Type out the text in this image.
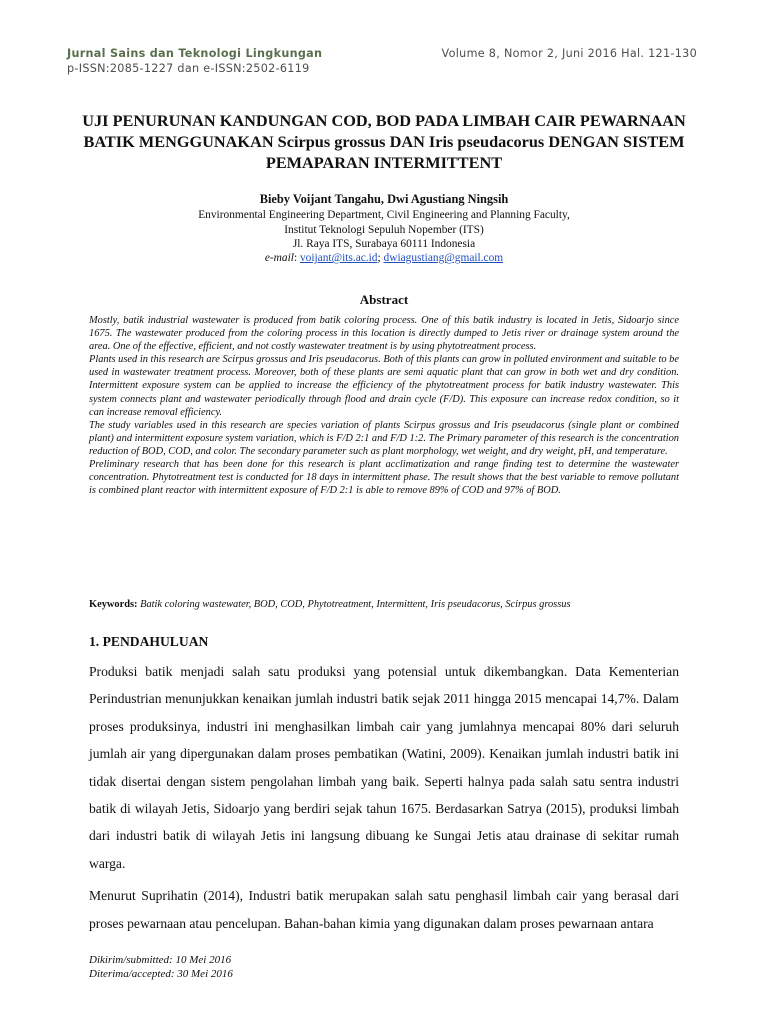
Jurnal Sains dan Teknologi Lingkungan
p-ISSN:2085-1227 dan e-ISSN:2502-6119
Volume 8, Nomor 2, Juni 2016 Hal. 121-130
UJI PENURUNAN KANDUNGAN COD, BOD PADA LIMBAH CAIR PEWARNAAN BATIK MENGGUNAKAN Scirpus grossus DAN Iris pseudacorus DENGAN SISTEM PEMAPARAN INTERMITTENT
Bieby Voijant Tangahu, Dwi Agustiang Ningsih
Environmental Engineering Department, Civil Engineering and Planning Faculty,
Institut Teknologi Sepuluh Nopember (ITS)
Jl. Raya ITS, Surabaya 60111 Indonesia
e-mail: voijant@its.ac.id; dwiagustiang@gmail.com
Abstract

Mostly, batik industrial wastewater is produced from batik coloring process. One of this batik industry is located in Jetis, Sidoarjo since 1675. The wastewater produced from the coloring process in this location is directly dumped to Jetis river or drainage system around the area. One of the effective, efficient, and not costly wastewater treatment is by using phytotreatment process.

Plants used in this research are Scirpus grossus and Iris pseudacorus. Both of this plants can grow in polluted environment and suitable to be used in wastewater treatment process. Moreover, both of these plants are semi aquatic plant that can grow in both wet and dry condition. Intermittent exposure system can be applied to increase the efficiency of the phytotreatment process for batik industry wastewater. This system connects plant and wastewater periodically through flood and drain cycle (F/D). This exposure can increase redox condition, so it can increase removal efficiency.

The study variables used in this research are species variation of plants Scirpus grossus and Iris pseudacorus (single plant or combined plant) and intermittent exposure system variation, which is F/D 2:1 and F/D 1:2. The Primary parameter of this research is the concentration reduction of BOD, COD, and color. The secondary parameter such as plant morphology, wet weight, and dry weight, pH, and temperature.

Preliminary research that has been done for this research is plant acclimatization and range finding test to determine the wastewater concentration. Phytotreatment test is conducted for 18 days in intermittent phase. The result shows that the best variable to remove pollutant is combined plant reactor with intermittent exposure of F/D 2:1 is able to remove 89% of COD and 97% of BOD.

Keywords: Batik coloring wastewater, BOD, COD, Phytotreatment, Intermittent, Iris pseudacorus, Scirpus grossus
1. PENDAHULUAN

Produksi batik menjadi salah satu produksi yang potensial untuk dikembangkan. Data Kementerian Perindustrian menunjukkan kenaikan jumlah industri batik sejak 2011 hingga 2015 mencapai 14,7%. Dalam proses produksinya, industri ini menghasilkan limbah cair yang jumlahnya mencapai 80% dari seluruh jumlah air yang dipergunakan dalam proses pembatikan (Watini, 2009). Kenaikan jumlah industri batik ini tidak disertai dengan sistem pengolahan limbah yang baik. Seperti halnya pada salah satu sentra industri batik di wilayah Jetis, Sidoarjo yang berdiri sejak tahun 1675. Berdasarkan Satrya (2015), produksi limbah dari industri batik di wilayah Jetis ini langsung dibuang ke Sungai Jetis atau drainase di sekitar rumah warga.

Menurut Suprihatin (2014), Industri batik merupakan salah satu penghasil limbah cair yang berasal dari proses pewarnaan atau pencelupan. Bahan-bahan kimia yang digunakan dalam proses pewarnaan antara

Dikirim/submitted: 10 Mei 2016
Diterima/accepted: 30 Mei 2016
